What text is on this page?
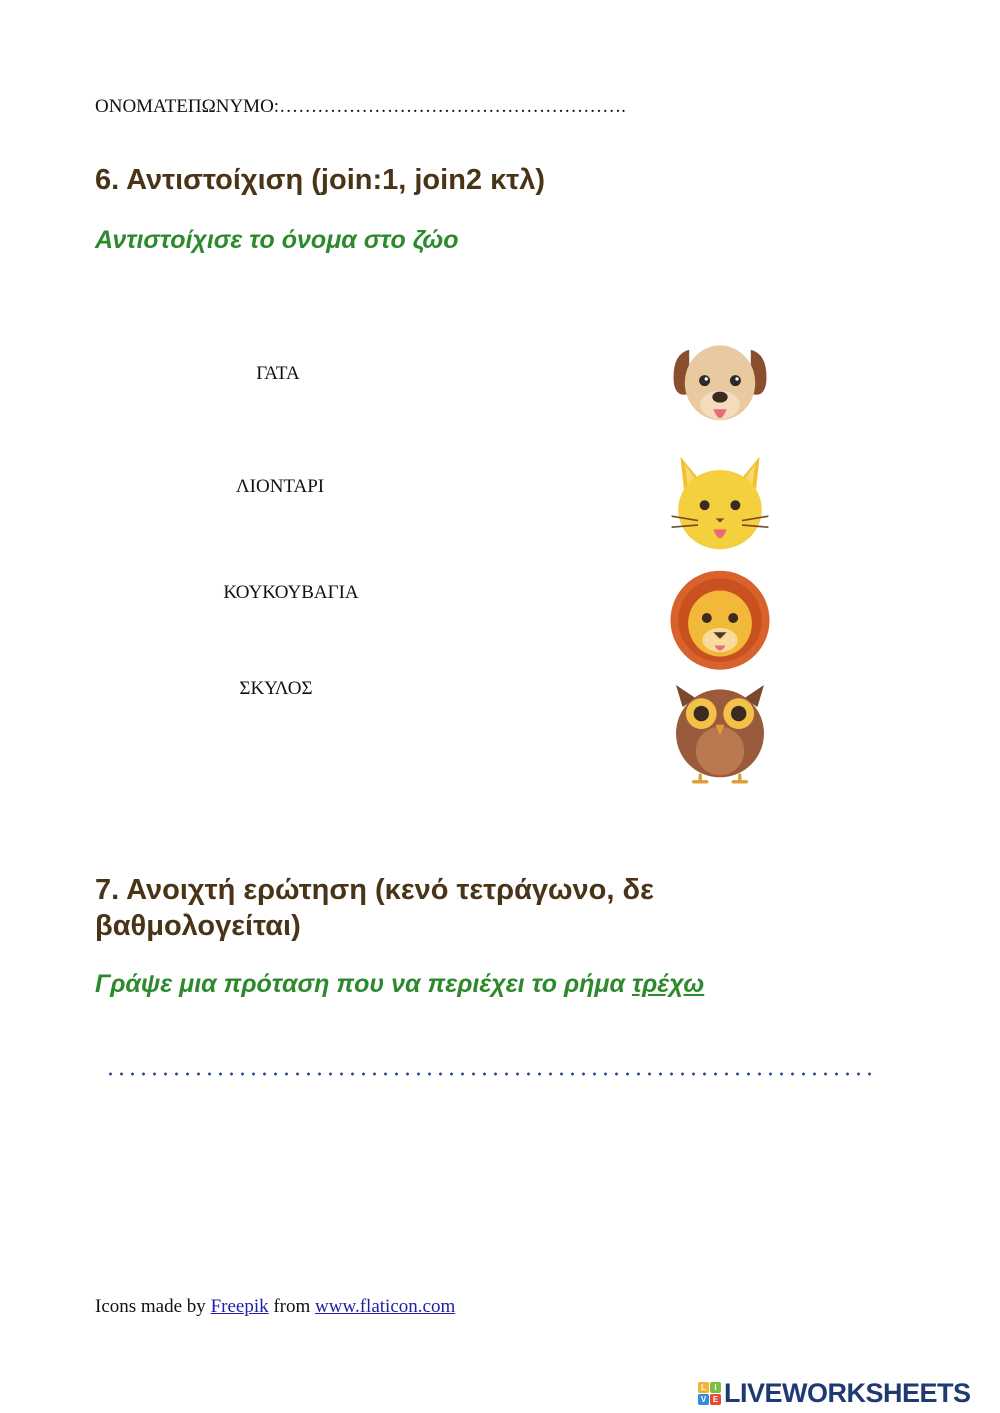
ΟΝΟΜΑΤΕΠΩΝΥΜΟ:……………………………………………….
6. Αντιστοίχιση (join:1, join2 κτλ)
Αντιστοίχισε το όνομα στο ζώο
ΓΑΤΑ
ΛΙΟΝΤΑΡΙ
ΚΟΥΚΟΥΒΑΓΙΑ
ΣΚΥΛΟΣ
7. Ανοιχτή ερώτηση (κενό τετράγωνο, δε
βαθμολογείται)
Γράψε μια πρόταση που να περιέχει το ρήμα τρέχω
Icons made by Freepik from www.flaticon.com
L	I
V E LIVEWORKSHEETS
